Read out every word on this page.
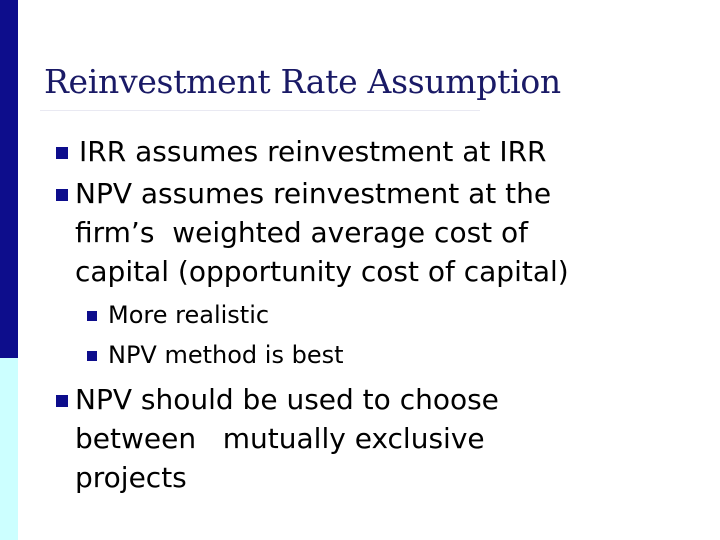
Reinvestment Rate Assumption
IRR assumes reinvestment at IRR
NPV assumes reinvestment at the
firm’s  weighted average cost of
capital (opportunity cost of capital)
More realistic
NPV method is best
NPV should be used to choose
between   mutually exclusive
projects
